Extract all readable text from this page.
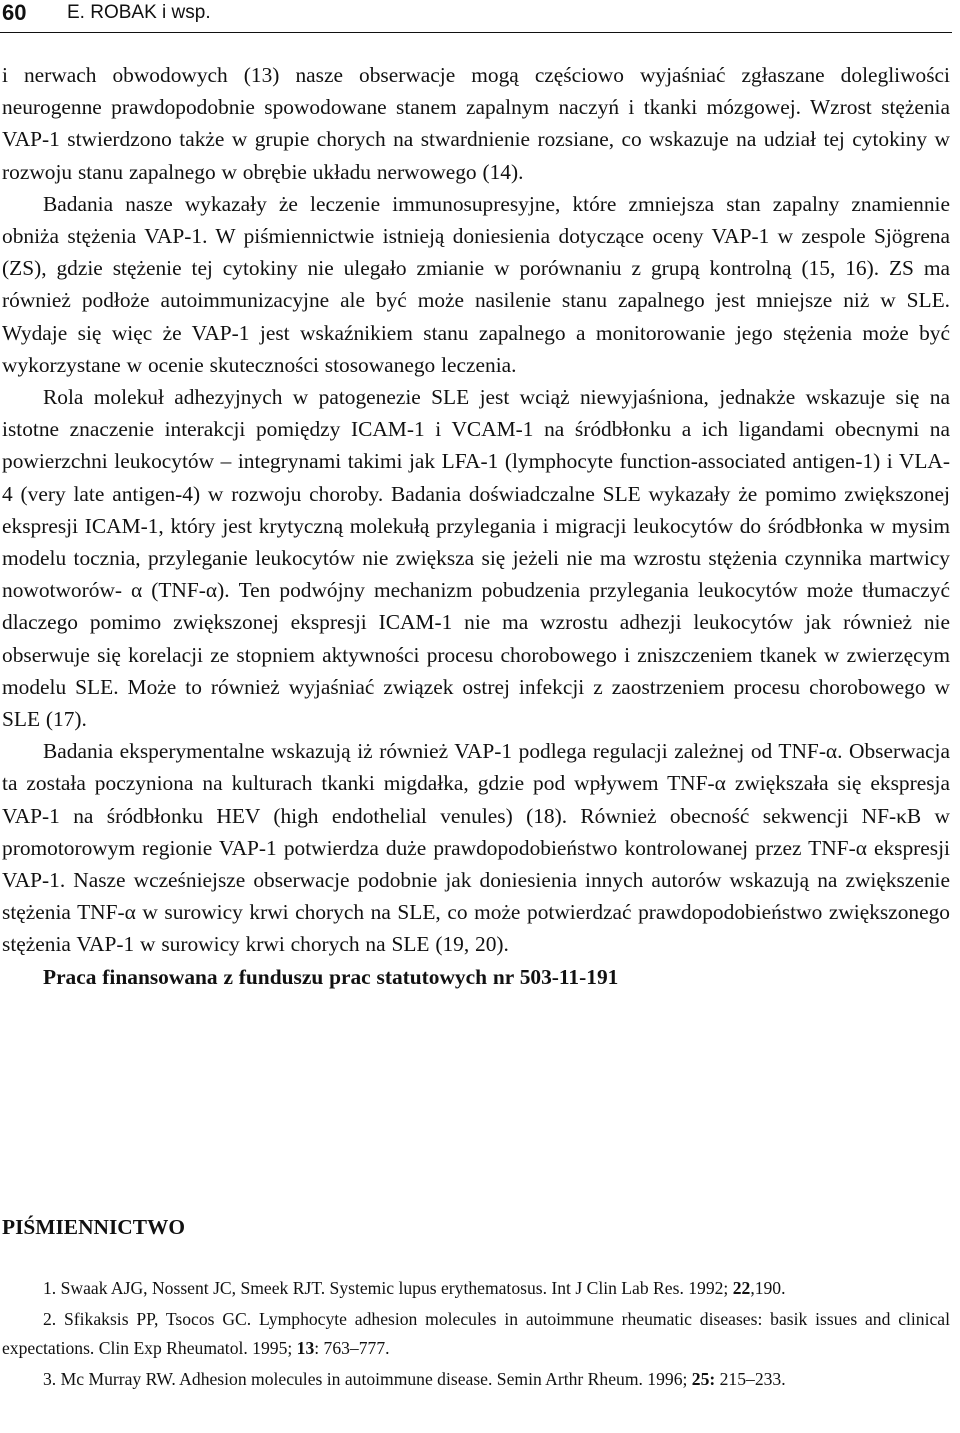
60 E. ROBAK i wsp.

i nerwach obwodowych (13) nasze obserwacje mogą częściowo wyjaśniać zgłaszane dolegliwości neurogenne prawdopodobnie spowodowane stanem zapalnym naczyń i tkanki mózgowej. Wzrost stężenia VAP-1 stwierdzono także w grupie chorych na stwardnienie rozsiane, co wskazuje na udział tej cytokiny w rozwoju stanu zapalnego w obrębie układu nerwowego (14).

Badania nasze wykazały że leczenie immunosupresyjne, które zmniejsza stan zapalny znamiennie obniża stężenia VAP-1. W piśmiennictwie istnieją doniesienia dotyczące oceny VAP-1 w zespole Sjögrena (ZS), gdzie stężenie tej cytokiny nie ulegało zmianie w porównaniu z grupą kontrolną (15, 16). ZS ma również podłoże autoimmunizacyjne ale być może nasilenie stanu zapalnego jest mniejsze niż w SLE. Wydaje się więc że VAP-1 jest wskaźnikiem stanu zapalnego a monitorowanie jego stężenia może być wykorzystane w ocenie skuteczności stosowanego leczenia.

Rola molekuł adhezyjnych w patogenezie SLE jest wciąż niewyjaśniona, jednakże wskazuje się na istotne znaczenie interakcji pomiędzy ICAM-1 i VCAM-1 na śródbłonku a ich ligandami obecnymi na powierzchni leukocytów – integrynami takimi jak LFA-1 (lymphocyte function-associated antigen-1) i VLA-4 (very late antigen-4) w rozwoju choroby. Badania doświadczalne SLE wykazały że pomimo zwiększonej ekspresji ICAM-1, który jest krytyczną molekułą przylegania i migracji leukocytów do śródbłonka w mysim modelu tocznia, przyleganie leukocytów nie zwiększa się jeżeli nie ma wzrostu stężenia czynnika martwicy nowotworów- α (TNF-α). Ten podwójny mechanizm pobudzenia przylegania leukocytów może tłumaczyć dlaczego pomimo zwiększonej ekspresji ICAM-1 nie ma wzrostu adhezji leukocytów jak również nie obserwuje się korelacji ze stopniem aktywności procesu chorobowego i zniszczeniem tkanek w zwierzęcym modelu SLE. Może to również wyjaśniać związek ostrej infekcji z zaostrzeniem procesu chorobowego w SLE (17).

Badania eksperymentalne wskazują iż również VAP-1 podlega regulacji zależnej od TNF-α. Obserwacja ta została poczyniona na kulturach tkanki migdałka, gdzie pod wpływem TNF-α zwiększała się ekspresja VAP-1 na śródbłonku HEV (high endothelial venules) (18). Również obecność sekwencji NF-κB w promotorowym regionie VAP-1 potwierdza duże prawdopodobieństwo kontrolowanej przez TNF-α ekspresji VAP-1. Nasze wcześniejsze obserwacje podobnie jak doniesienia innych autorów wskazują na zwiększenie stężenia TNF-α w surowicy krwi chorych na SLE, co może potwierdzać prawdopodobieństwo zwiększonego stężenia VAP-1 w surowicy krwi chorych na SLE (19, 20).

Praca finansowana z funduszu prac statutowych nr 503-11-191

PIŚMIENNICTWO

1. Swaak AJG, Nossent JC, Smeek RJT. Systemic lupus erythematosus. Int J Clin Lab Res. 1992; 22,190.

2. Sfikaksis PP, Tsocos GC. Lymphocyte adhesion molecules in autoimmune rheumatic diseases: basik issues and clinical expectations. Clin Exp Rheumatol. 1995; 13: 763–777.

3. Mc Murray RW. Adhesion molecules in autoimmune disease. Semin Arthr Rheum. 1996; 25: 215–233.
